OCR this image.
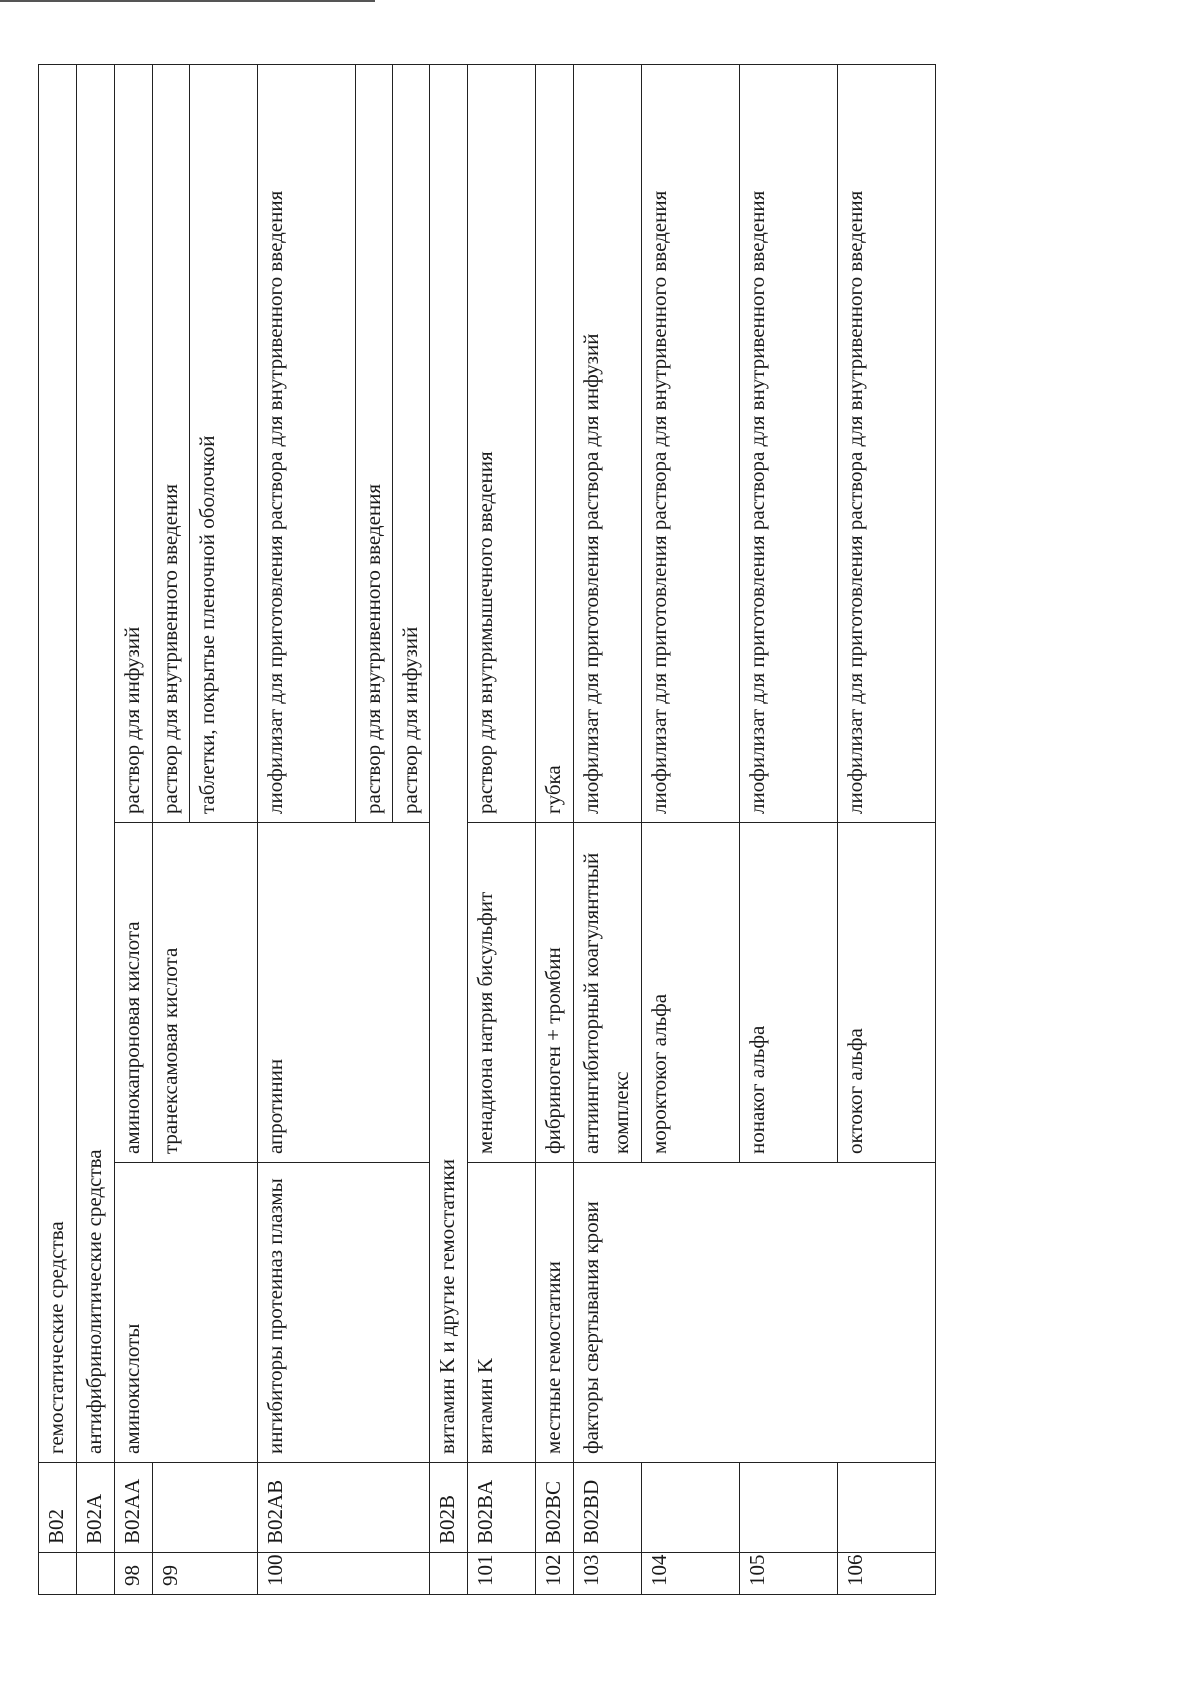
	B02	гемостатические средства		
	B02A	антифибринолитические средства		
98	B02AA	аминокислоты	аминокапроновая кислота	раствор для инфузий
99			транексамовая кислота	раствор для внутривенного введения
				таблетки, покрытые пленочной оболочкой
100	B02AB	ингибиторы протеиназ плазмы	апротинин	лиофилизат для приготовления раствора для внутривенного введения
				раствор для внутривенного введения
				раствор для инфузий
	B02B	витамин K и другие гемостатики		
101	B02BA	витамин K	менадиона натрия бисульфит	раствор для внутримышечного введения
102	B02BC	местные гемостатики	фибриноген + тромбин	губка
103	B02BD	факторы свертывания крови	антиингибиторный коагулянтный комплекс	лиофилизат для приготовления раствора для инфузий
104			мороктоког альфа	лиофилизат для приготовления раствора для внутривенного введения
105			нонаког альфа	лиофилизат для приготовления раствора для внутривенного введения
106			октоког альфа	лиофилизат для приготовления раствора для внутривенного введения
